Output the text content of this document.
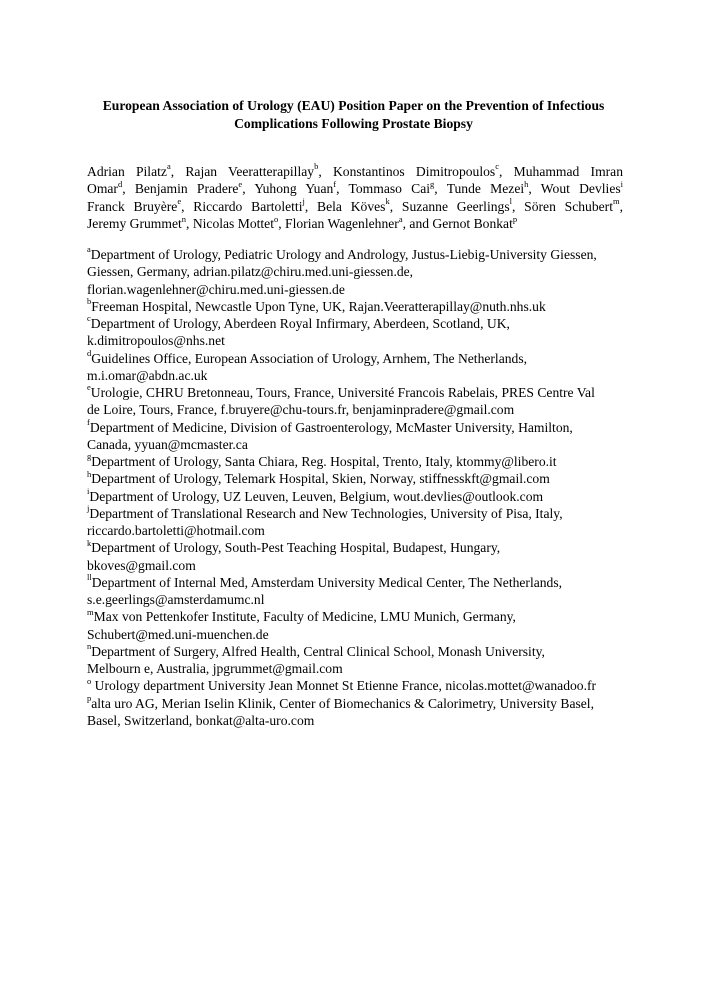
European Association of Urology (EAU) Position Paper on the Prevention of Infectious
Complications Following Prostate Biopsy
Adrian Pilatz$^a$, Rajan Veeratterapillay$^b$, Konstantinos Dimitropoulos$^c$, Muhammad Imran
Omar$^d$, Benjamin Pradere$^e$, Yuhong Yuan$^f$, Tommaso Cai$^g$, Tunde Mezei$^h$, Wout Devlies$^i$
Franck Bruyère$^e$, Riccardo Bartoletti$^j$, Bela Köves$^k$, Suzanne Geerlings$^l$, Sören Schubert$^m$,
Jeremy Grummet$^n$, Nicolas Mottet$^o$, Florian Wagenlehner$^a$, and Gernot Bonkat$^p$
$^a$Department of Urology, Pediatric Urology and Andrology, Justus-Liebig-University Giessen,
Giessen, Germany, adrian.pilatz@chiru.med.uni-giessen.de,
florian.wagenlehner@chiru.med.uni-giessen.de
$^b$Freeman Hospital, Newcastle Upon Tyne, UK, Rajan.Veeratterapillay@nuth.nhs.uk
$^c$Department of Urology, Aberdeen Royal Infirmary, Aberdeen, Scotland, UK,
k.dimitropoulos@nhs.net
$^d$Guidelines Office, European Association of Urology, Arnhem, The Netherlands,
m.i.omar@abdn.ac.uk
$^e$Urologie, CHRU Bretonneau, Tours, France, Université Francois Rabelais, PRES Centre Val
de Loire, Tours, France, f.bruyere@chu-tours.fr, benjaminpradere@gmail.com
$^f$Department of Medicine, Division of Gastroenterology, McMaster University, Hamilton,
Canada, yyuan@mcmaster.ca
$^g$Department of Urology, Santa Chiara, Reg. Hospital, Trento, Italy, ktommy@libero.it
$^h$Department of Urology, Telemark Hospital, Skien, Norway, stiffnesskft@gmail.com
$^i$Department of Urology, UZ Leuven, Leuven, Belgium, wout.devlies@outlook.com
$^j$Department of Translational Research and New Technologies, University of Pisa, Italy,
riccardo.bartoletti@hotmail.com
$^k$Department of Urology, South-Pest Teaching Hospital, Budapest, Hungary,
bkoves@gmail.com
$^{ll}$Department of Internal Med, Amsterdam University Medical Center, The Netherlands,
s.e.geerlings@amsterdamumc.nl
$^m$Max von Pettenkofer Institute, Faculty of Medicine, LMU Munich, Germany,
Schubert@med.uni-muenchen.de
$^n$Department of Surgery, Alfred Health, Central Clinical School, Monash University,
Melbourn e, Australia, jpgrummet@gmail.com
$^o$ Urology department University Jean Monnet St Etienne France, nicolas.mottet@wanadoo.fr
$^p$alta uro AG, Merian Iselin Klinik, Center of Biomechanics & Calorimetry, University Basel,
Basel, Switzerland, bonkat@alta-uro.com
